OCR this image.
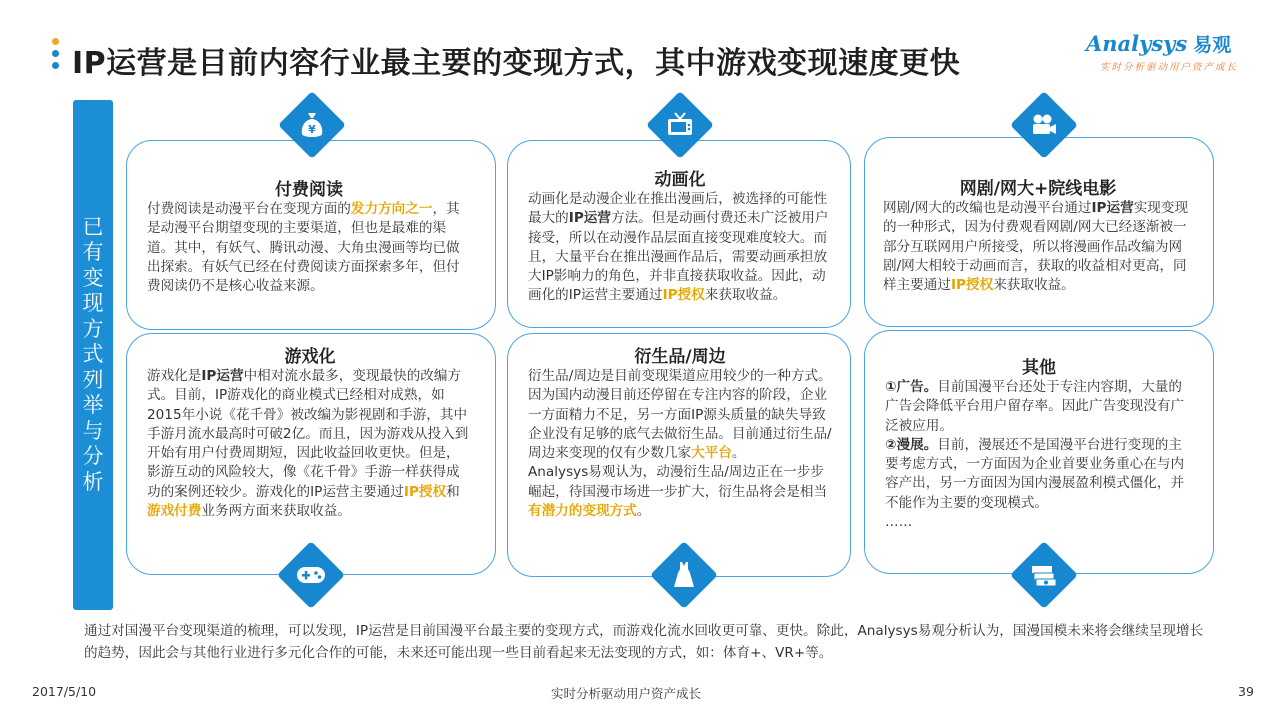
IP运营是目前内容行业最主要的变现方式，其中游戏变现速度更快
Analysys 易观
实时分析驱动用户资产成长
已
有
变
现
方
式
列
举
与
分
析
付费阅读

付费阅读是动漫平台在变现方面的发力方向之一，其是动漫平台期望变现的主要渠道，但也是最难的渠道。其中，有妖气、腾讯动漫、大角虫漫画等均已做出探索。有妖气已经在付费阅读方面探索多年，但付费阅读仍不是核心收益来源。

¥
动画化

动画化是动漫企业在推出漫画后，被选择的可能性最大的IP运营方法。但是动画付费还未广泛被用户接受，所以在动漫作品层面直接变现难度较大。而且，大量平台在推出漫画作品后，需要动画承担放大IP影响力的角色，并非直接获取收益。因此，动画化的IP运营主要通过IP授权来获取收益。

网剧/网大+院线电影

网剧/网大的改编也是动漫平台通过IP运营实现变现的一种形式，因为付费观看网剧/网大已经逐渐被一部分互联网用户所接受，所以将漫画作品改编为网剧/网大相较于动画而言，获取的收益相对更高，同样主要通过IP授权来获取收益。

游戏化

游戏化是IP运营中相对流水最多，变现最快的改编方式。目前，IP游戏化的商业模式已经相对成熟，如2015年小说《花千骨》被改编为影视剧和手游，其中手游月流水最高时可破2亿。而且，因为游戏从投入到开始有用户付费周期短，因此收益回收更快。但是，影游互动的风险较大，像《花千骨》手游一样获得成功的案例还较少。游戏化的IP运营主要通过IP授权和游戏付费业务两方面来获取收益。

衍生品/周边

衍生品/周边是目前变现渠道应用较少的一种方式。因为国内动漫目前还停留在专注内容的阶段，企业一方面精力不足，另一方面IP源头质量的缺失导致企业没有足够的底气去做衍生品。目前通过衍生品/周边来变现的仅有少数几家大平台。
Analysys易观认为，动漫衍生品/周边正在一步步崛起，待国漫市场进一步扩大，衍生品将会是相当有潜力的变现方式。

其他

①广告。目前国漫平台还处于专注内容期，大量的广告会降低平台用户留存率。因此广告变现没有广泛被应用。
②漫展。目前，漫展还不是国漫平台进行变现的主要考虑方式，一方面因为企业首要业务重心在与内容产出，另一方面因为国内漫展盈利模式僵化，并不能作为主要的变现模式。
……

通过对国漫平台变现渠道的梳理，可以发现，IP运营是目前国漫平台最主要的变现方式，而游戏化流水回收更可靠、更快。除此，Analysys易观分析认为，国漫国模未来将会继续呈现增长的趋势，因此会与其他行业进行多元化合作的可能，未来还可能出现一些目前看起来无法变现的方式，如：体育+、VR+等。
2017/5/10	实时分析驱动用户资产成长	39
